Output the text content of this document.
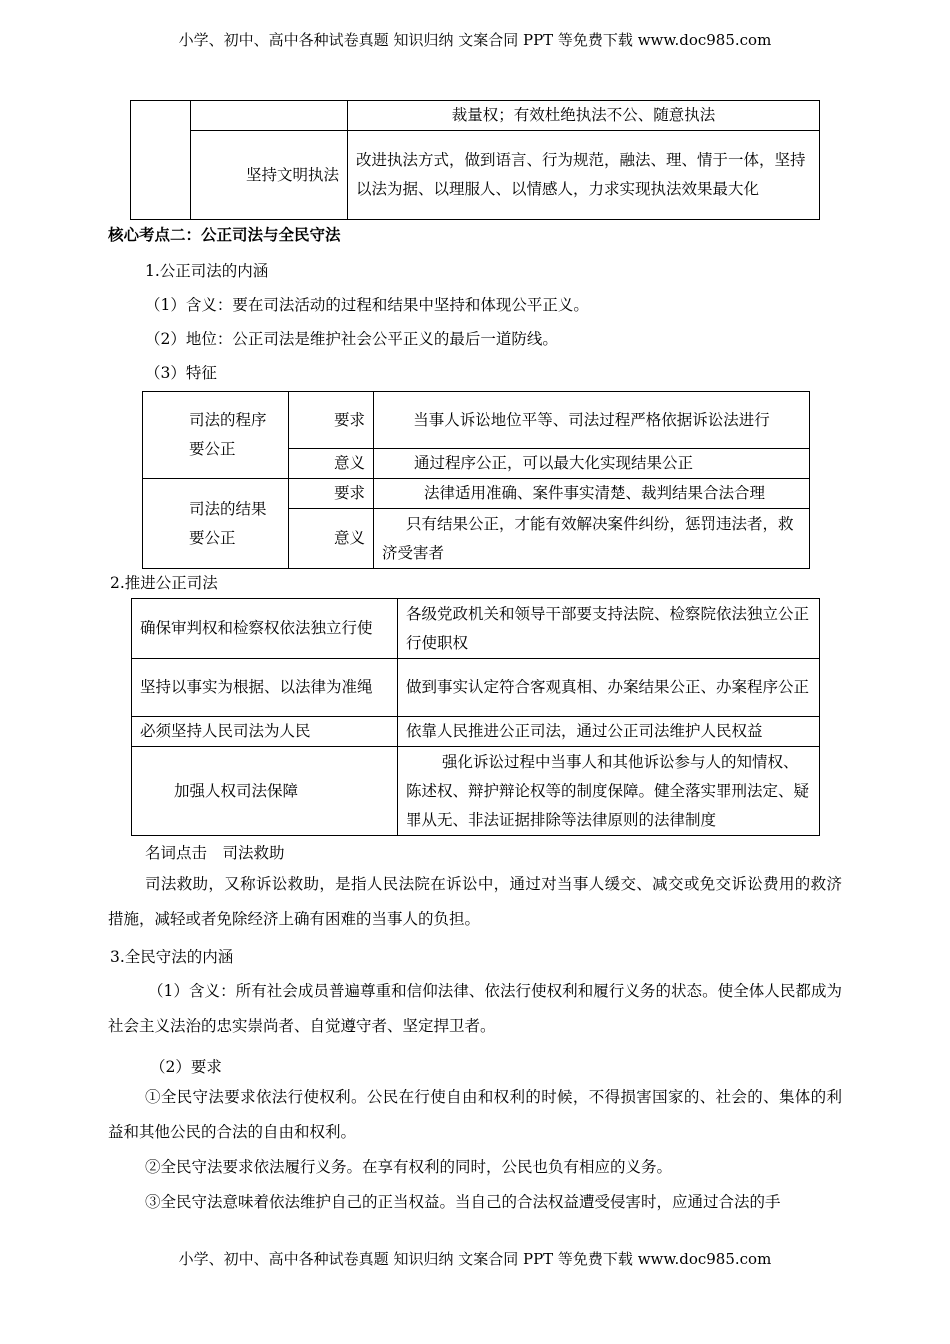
小学、初中、高中各种试卷真题 知识归纳 文案合同 PPT 等免费下载 www.doc985.com
		裁量权；有效杜绝执法不公、随意执法
	坚持文明执法	改进执法方式，做到语言、行为规范，融法、理、情于一体，坚持以法为据、以理服人、以情感人，力求实现执法效果最大化
核心考点二：公正司法与全民守法
1.公正司法的内涵
（1）含义：要在司法活动的过程和结果中坚持和体现公平正义。
（2）地位：公正司法是维护社会公平正义的最后一道防线。
（3）特征
司法的程序要公正	要求	当事人诉讼地位平等、司法过程严格依据诉讼法进行
	意义	通过程序公正，可以最大化实现结果公正
司法的结果要公正	要求	法律适用准确、案件事实清楚、裁判结果合法合理
	意义	只有结果公正，才能有效解决案件纠纷，惩罚违法者，救济受害者
2.推进公正司法
确保审判权和检察权依法独立行使	各级党政机关和领导干部要支持法院、检察院依法独立公正行使职权
坚持以事实为根据、以法律为准绳	做到事实认定符合客观真相、办案结果公正、办案程序公正
必须坚持人民司法为人民	依靠人民推进公正司法，通过公正司法维护人民权益
加强人权司法保障	强化诉讼过程中当事人和其他诉讼参与人的知情权、陈述权、辩护辩论权等的制度保障。健全落实罪刑法定、疑罪从无、非法证据排除等法律原则的法律制度
名词点击　司法救助
司法救助，又称诉讼救助，是指人民法院在诉讼中，通过对当事人缓交、减交或免交诉讼费用的救济措施，减轻或者免除经济上确有困难的当事人的负担。
3.全民守法的内涵
（1）含义：所有社会成员普遍尊重和信仰法律、依法行使权利和履行义务的状态。使全体人民都成为社会主义法治的忠实崇尚者、自觉遵守者、坚定捍卫者。
（2）要求
①全民守法要求依法行使权利。公民在行使自由和权利的时候，不得损害国家的、社会的、集体的利益和其他公民的合法的自由和权利。
②全民守法要求依法履行义务。在享有权利的同时，公民也负有相应的义务。
③全民守法意味着依法维护自己的正当权益。当自己的合法权益遭受侵害时，应通过合法的手
小学、初中、高中各种试卷真题 知识归纳 文案合同 PPT 等免费下载 www.doc985.com
